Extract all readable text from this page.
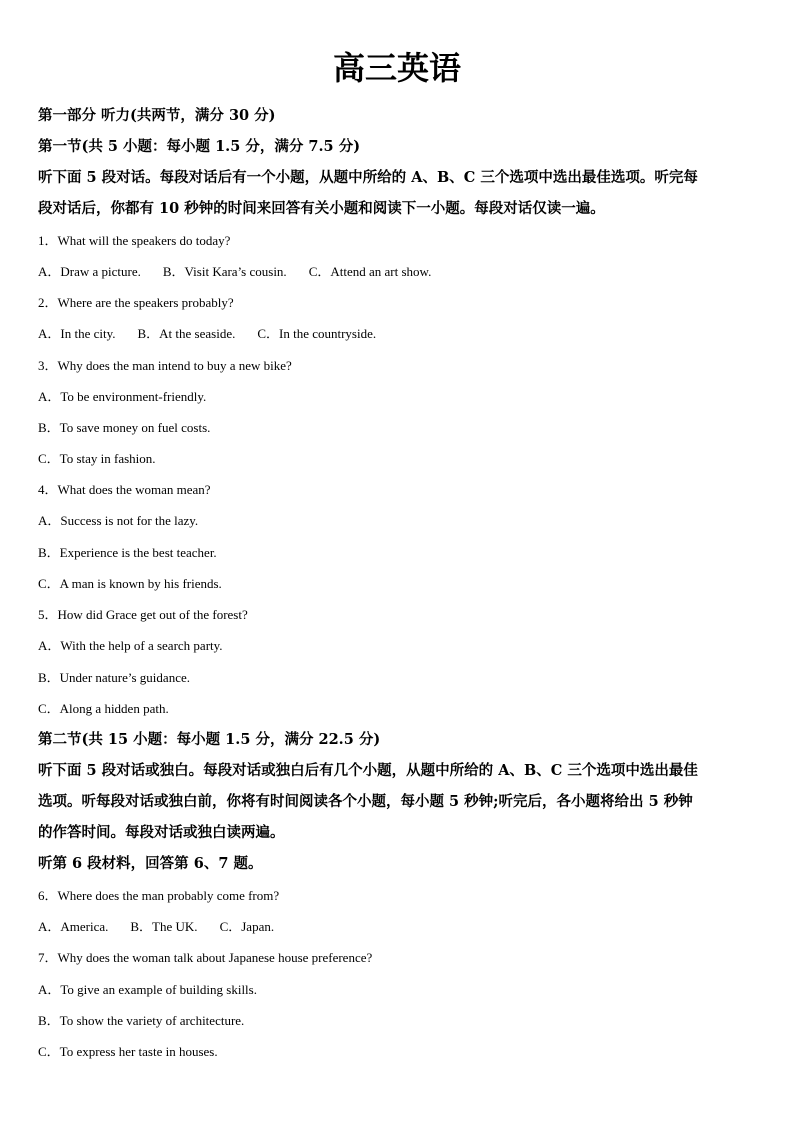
高三英语
第一部分 听力(共两节，满分 30 分)
第一节(共 5 小题：每小题 1.5 分，满分 7.5 分)
听下面 5 段对话。每段对话后有一个小题，从题中所给的 A、B、C 三个选项中选出最佳选项。听完每
段对话后，你都有 10 秒钟的时间来回答有关小题和阅读下一小题。每段对话仅读一遍。
1．What will the speakers do today?
A．Draw a picture. B．Visit Kara’s cousin. C．Attend an art show.
2．Where are the speakers probably?
A．In the city. B．At the seaside. C．In the countryside.
3．Why does the man intend to buy a new bike?
A．To be environment-friendly.
B．To save money on fuel costs.
C．To stay in fashion.
4．What does the woman mean?
A．Success is not for the lazy.
B．Experience is the best teacher.
C．A man is known by his friends.
5．How did Grace get out of the forest?
A．With the help of a search party.
B．Under nature’s guidance.
C．Along a hidden path.
第二节(共 15 小题：每小题 1.5 分，满分 22.5 分)
听下面 5 段对话或独白。每段对话或独白后有几个小题，从题中所给的 A、B、C 三个选项中选出最佳
选项。听每段对话或独白前，你将有时间阅读各个小题，每小题 5 秒钟;听完后，各小题将给出 5 秒钟
的作答时间。每段对话或独白读两遍。
听第 6 段材料，回答第 6、7 题。
6．Where does the man probably come from?
A．America. B．The UK. C．Japan.
7．Why does the woman talk about Japanese house preference?
A．To give an example of building skills.
B．To show the variety of architecture.
C．To express her taste in houses.
